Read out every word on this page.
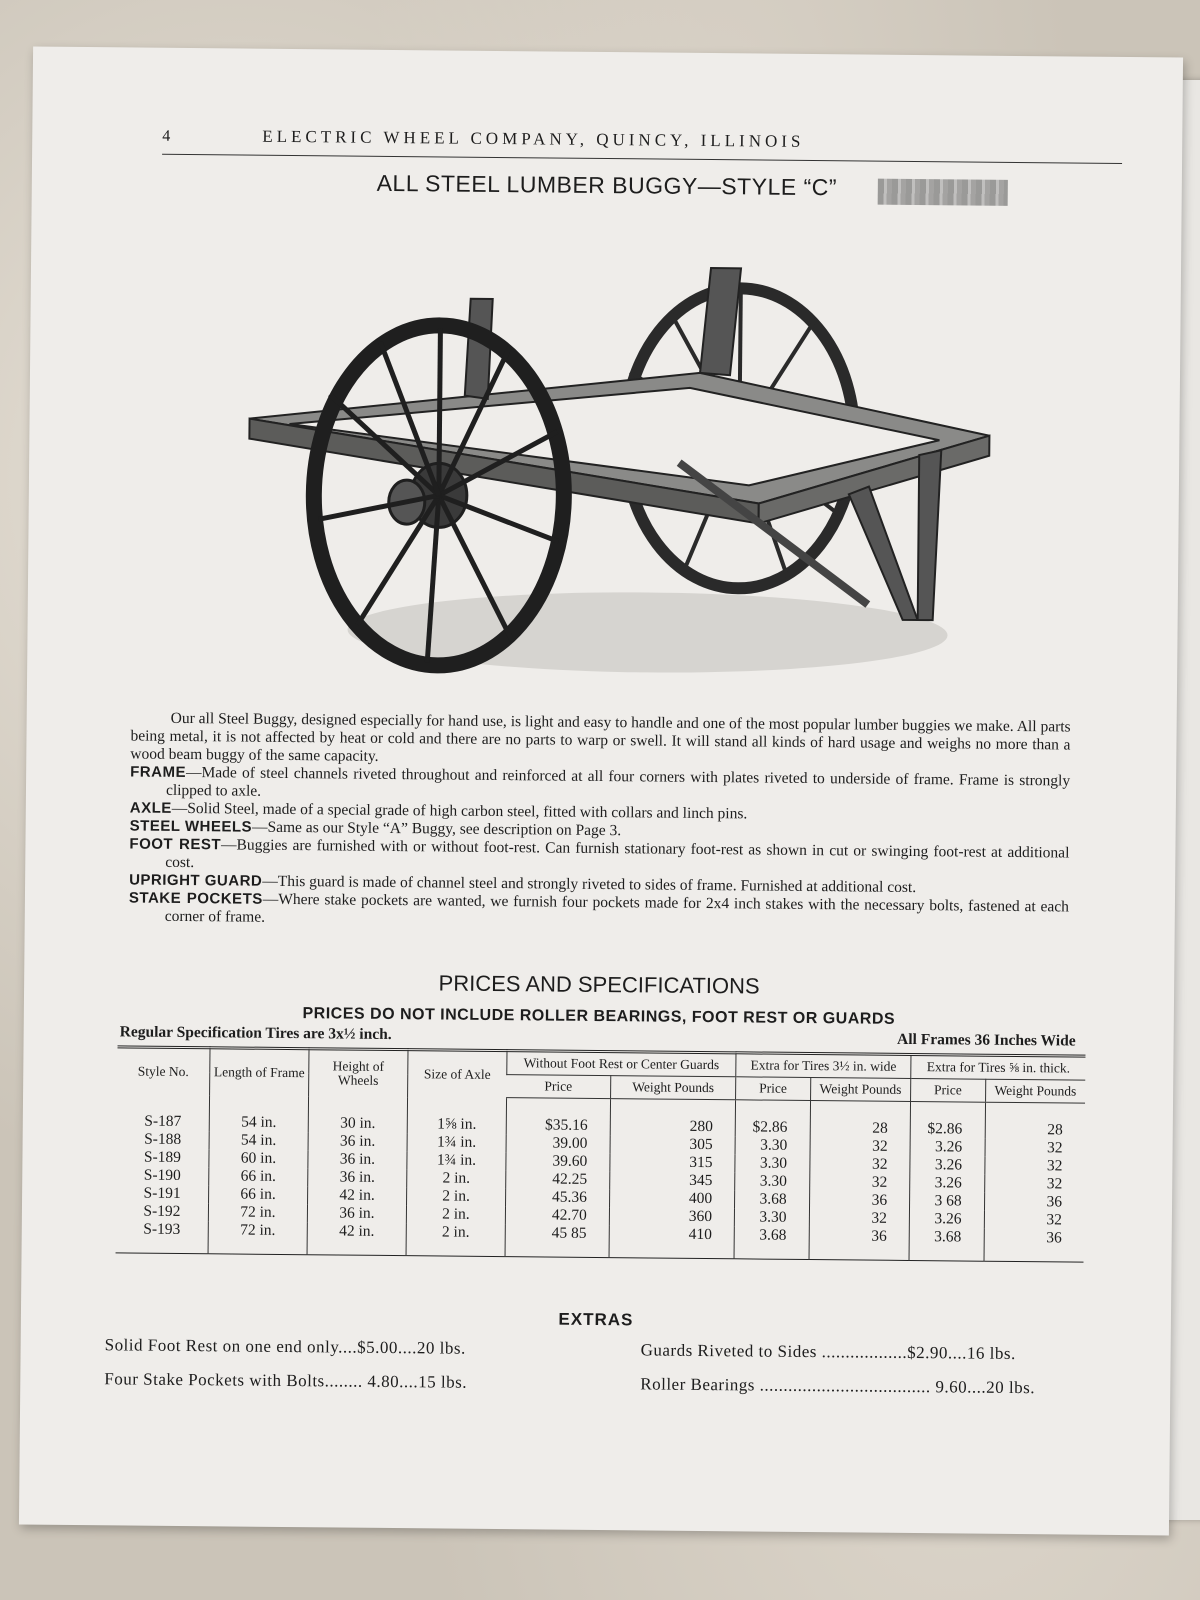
4	ELECTRIC WHEEL COMPANY, QUINCY, ILLINOIS
ALL STEEL LUMBER BUGGY—STYLE “C”

Our all Steel Buggy, designed especially for hand use, is light and easy to handle and one of the most popular lumber buggies we make. All parts being metal, it is not affected by heat or cold and there are no parts to warp or swell. It will stand all kinds of hard usage and weighs no more than a wood beam buggy of the same capacity.

FRAME—Made of steel channels riveted throughout and reinforced at all four corners with plates riveted to underside of frame. Frame is strongly clipped to axle.

AXLE—Solid Steel, made of a special grade of high carbon steel, fitted with collars and linch pins.

STEEL WHEELS—Same as our Style “A” Buggy, see description on Page 3.

FOOT REST—Buggies are furnished with or without foot-rest. Can furnish stationary foot-rest as shown in cut or swinging foot-rest at additional cost.

UPRIGHT GUARD—This guard is made of channel steel and strongly riveted to sides of frame. Furnished at additional cost.

STAKE POCKETS—Where stake pockets are wanted, we furnish four pockets made for 2x4 inch stakes with the necessary bolts, fastened at each corner of frame.

PRICES AND SPECIFICATIONS
PRICES DO NOT INCLUDE ROLLER BEARINGS, FOOT REST OR GUARDS
Regular Specification Tires are 3x½ inch.	All Frames 36 Inches Wide
Style No.	Length of Frame	Height of Wheels	Size of Axle	Without Foot Rest or Center Guards		Extra for Tires 3½ in. wide		Extra for Tires ⅝ in. thick.	
				Price	Weight Pounds	Price	Weight Pounds	Price	Weight Pounds
S-187	54 in.	30 in.	1⅝ in.	$35.16	280	$2.86	28	$2.86	28
S-188	54 in.	36 in.	1¾ in.	39.00	305	3.30	32	3.26	32
S-189	60 in.	36 in.	1¾ in.	39.60	315	3.30	32	3.26	32
S-190	66 in.	36 in.	2 in.	42.25	345	3.30	32	3.26	32
S-191	66 in.	42 in.	2 in.	45.36	400	3.68	36	3 68	36
S-192	72 in.	36 in.	2 in.	42.70	360	3.30	32	3.26	32
S-193	72 in.	42 in.	2 in.	45 85	410	3.68	36	3.68	36
EXTRAS
Solid Foot Rest on one end only....$5.00....20 lbs.
Four Stake Pockets with Bolts........ 4.80....15 lbs.
Guards Riveted to Sides ..................$2.90....16 lbs.
Roller Bearings .................................... 9.60....20 lbs.
